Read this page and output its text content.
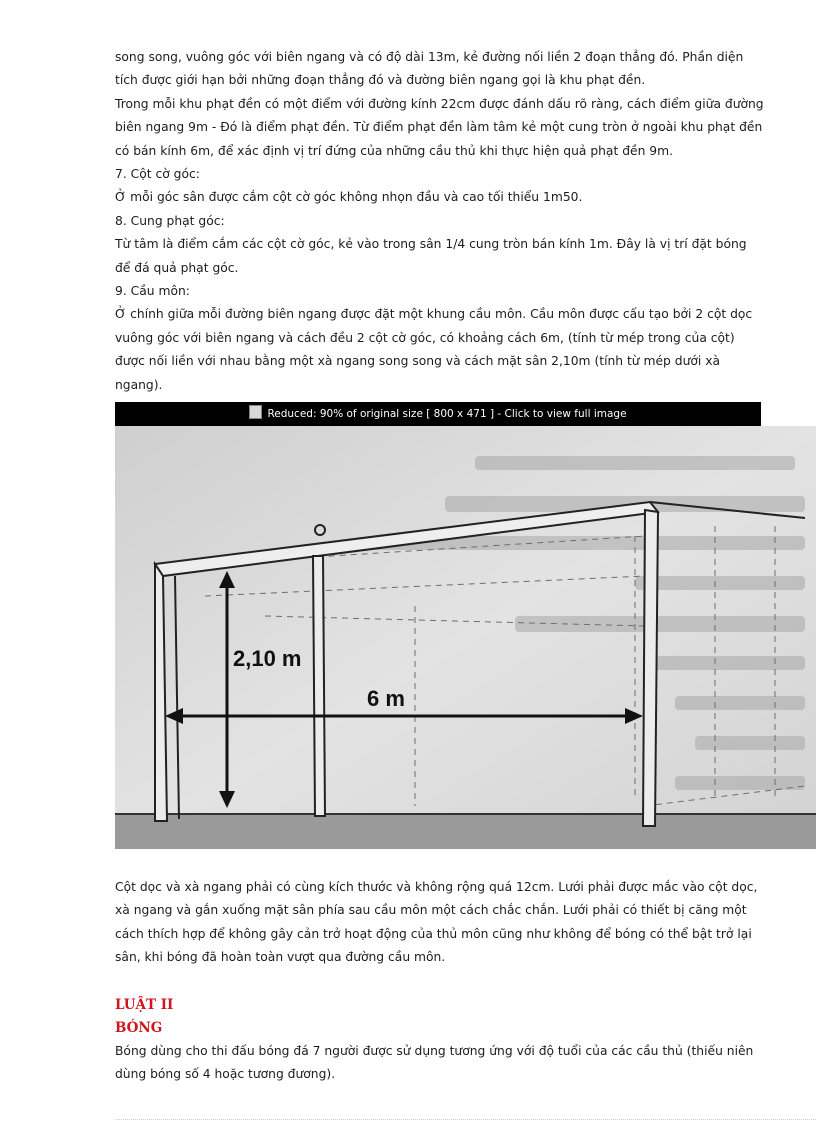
song song, vuông góc với biên ngang và có độ dài 13m, kẻ đường nối liền 2 đoạn thẳng đó. Phần diện tích được giới hạn bởi những đoạn thẳng đó và đường biên ngang gọi là khu phạt đền.

Trong mỗi khu phạt đền có một điểm với đường kính 22cm được đánh dấu rõ ràng, cách điểm giữa đường biên ngang 9m - Đó là điểm phạt đền. Từ điểm phạt đền làm tâm kẻ một cung tròn ở ngoài khu phạt đền có bán kính 6m, để xác định vị trí đứng của những cầu thủ khi thực hiện quả phạt đền 9m.

7. Cột cờ góc:

Ở mỗi góc sân được cắm cột cờ góc không nhọn đầu và cao tối thiểu 1m50.

8. Cung phạt góc:

Từ tâm là điểm cắm các cột cờ góc, kẻ vào trong sân 1/4 cung tròn bán kính 1m. Đây là vị trí đặt bóng để đá quả phạt góc.

9. Cầu môn:

Ở chính giữa mỗi đường biên ngang được đặt một khung cầu môn. Cầu môn được cấu tạo bởi 2 cột dọc vuông góc với biên ngang và cách đều 2 cột cờ góc, có khoảng cách 6m, (tính từ mép trong của cột) được nối liền với nhau bằng một xà ngang song song và cách mặt sân 2,10m (tính từ mép dưới xà ngang).

Reduced: 90% of original size [ 800 x 471 ] - Click to view full image
2,10 m
6 m

Cột dọc và xà ngang phải có cùng kích thước và không rộng quá 12cm. Lưới phải được mắc vào cột dọc, xà ngang và gắn xuống mặt sân phía sau cầu môn một cách chắc chắn. Lưới phải có thiết bị căng một cách thích hợp để không gây cản trở hoạt động của thủ môn cũng như không để bóng có thể bật trở lại sân, khi bóng đã hoàn toàn vượt qua đường cầu môn.

LUẬT II

BÓNG

Bóng dùng cho thi đấu bóng đá 7 người được sử dụng tương ứng với độ tuổi của các cầu thủ (thiếu niên dùng bóng số 4 hoặc tương đương).
